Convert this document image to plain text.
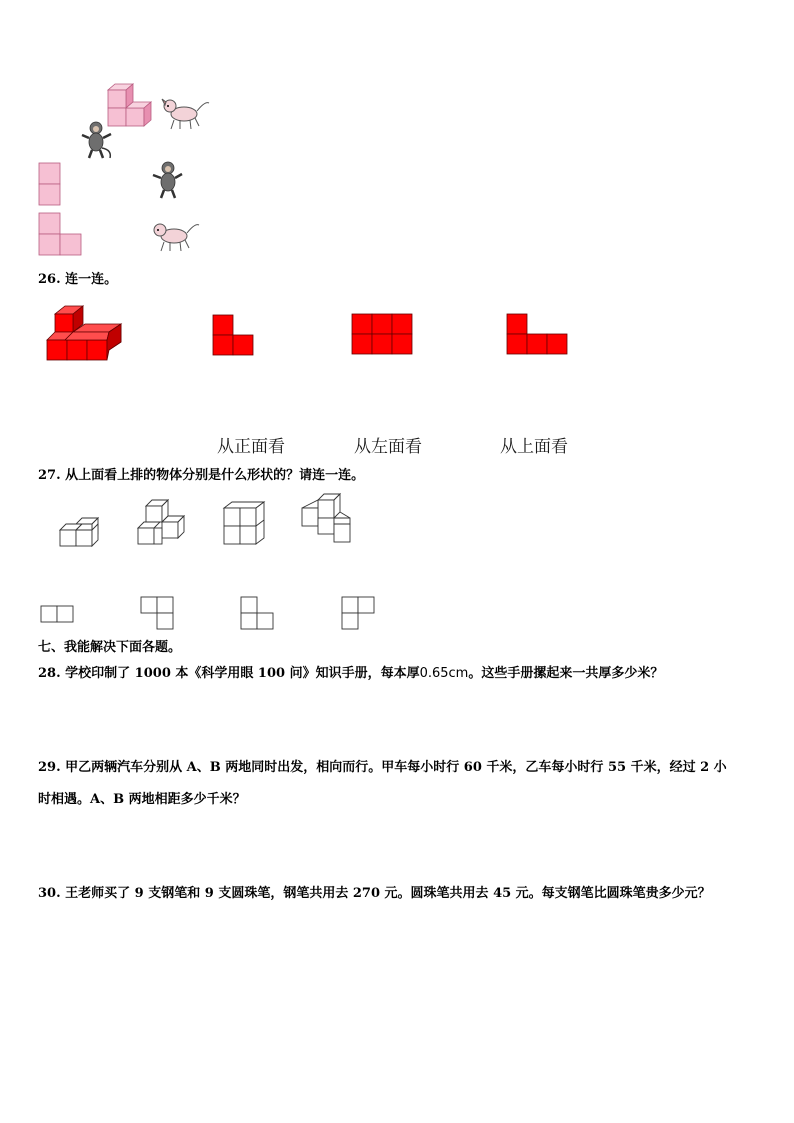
26. 连一连。
从正面看	从左面看	从上面看
27. 从上面看上排的物体分别是什么形状的？请连一连。
七、我能解决下面各题。
28. 学校印制了 1000 本《科学用眼 100 问》知识手册，每本厚0.65cm。这些手册摞起来一共厚多少米？
29. 甲乙两辆汽车分别从 A、B 两地同时出发，相向而行。甲车每小时行 60 千米，乙车每小时行 55 千米，经过 2 小
时相遇。A、B 两地相距多少千米？
30. 王老师买了 9 支钢笔和 9 支圆珠笔，钢笔共用去 270 元。圆珠笔共用去 45 元。每支钢笔比圆珠笔贵多少元？
